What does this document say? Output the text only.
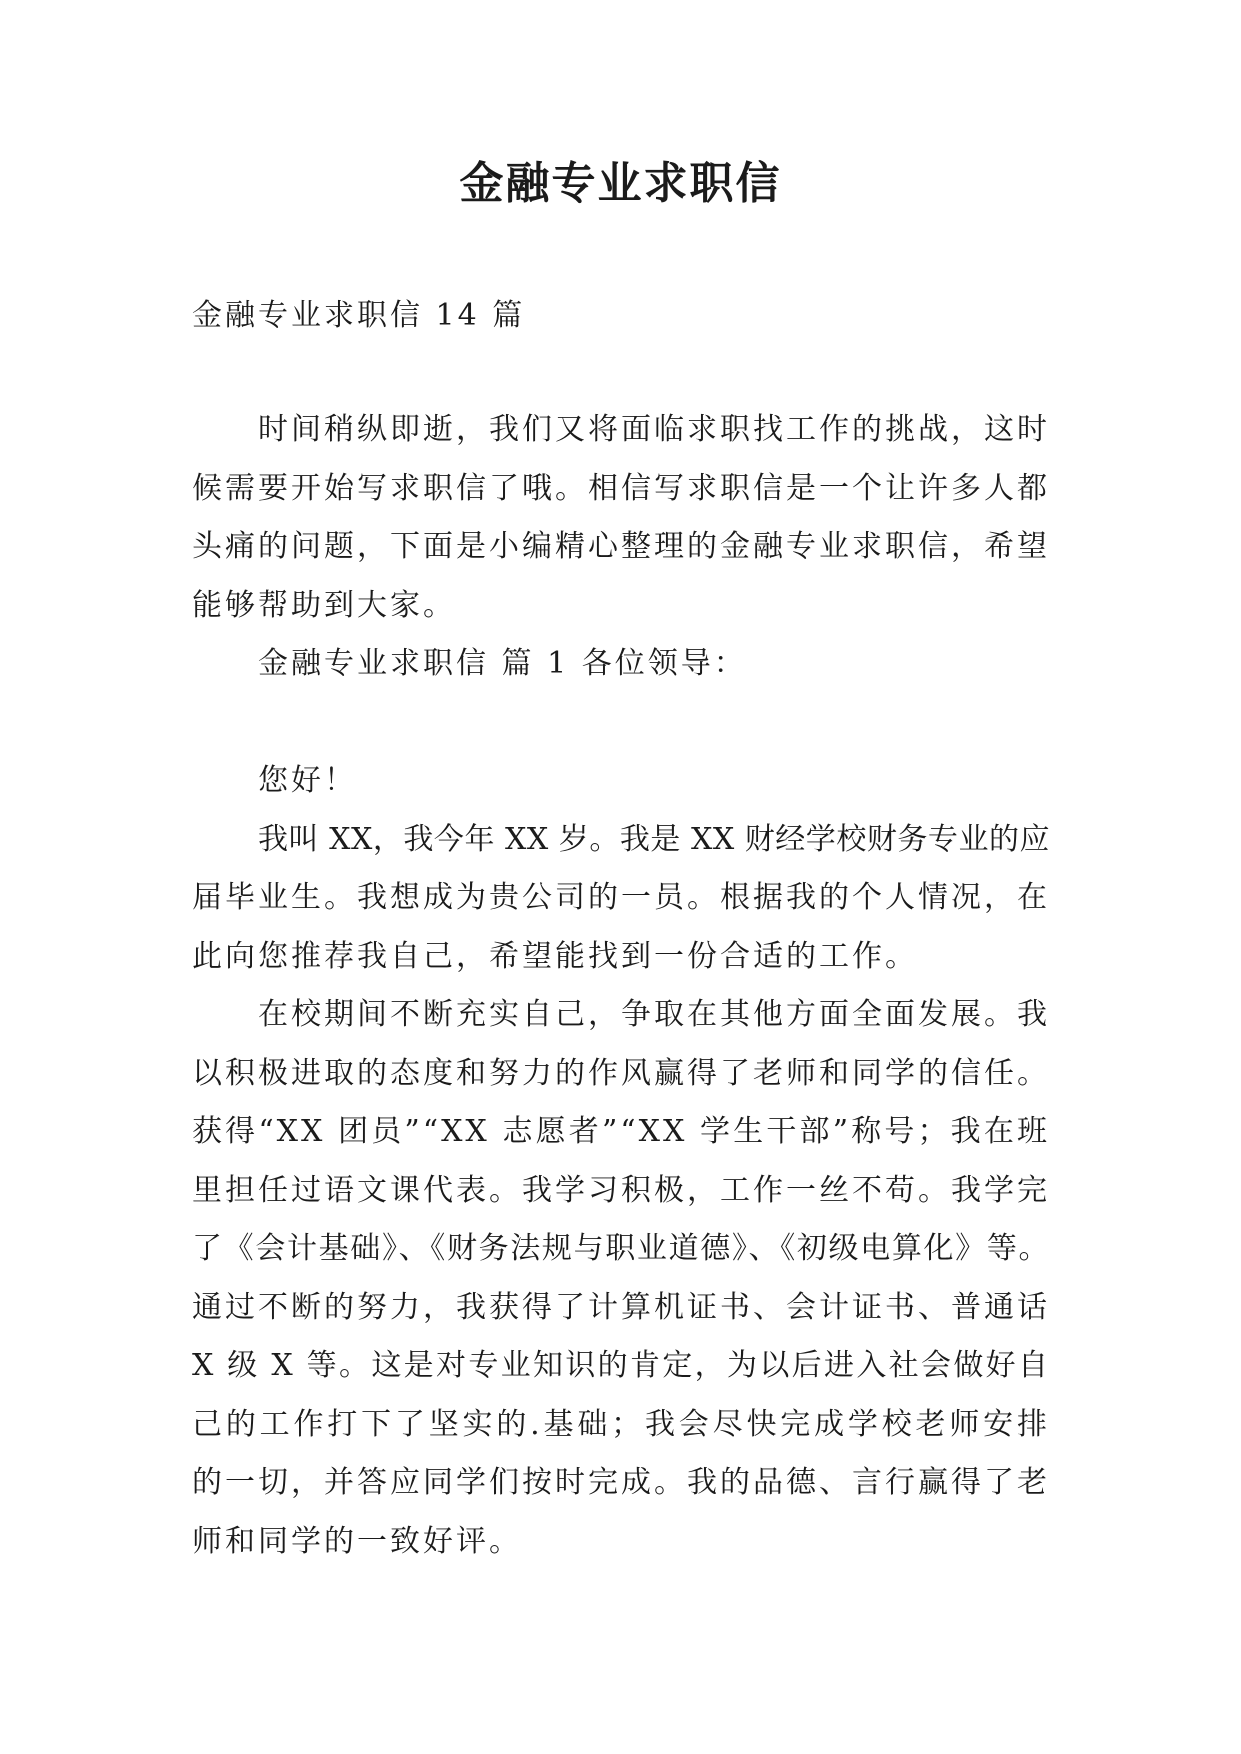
金融专业求职信
金融专业求职信 14 篇
时间稍纵即逝，我们又将面临求职找工作的挑战，这时
候需要开始写求职信了哦。相信写求职信是一个让许多人都
头痛的问题，下面是小编精心整理的金融专业求职信，希望
能够帮助到大家。
金融专业求职信 篇 1 各位领导：
您好！
我叫 XX，我今年 XX 岁。我是 XX 财经学校财务专业的应
届毕业生。我想成为贵公司的一员。根据我的个人情况，在
此向您推荐我自己，希望能找到一份合适的工作。
在校期间不断充实自己，争取在其他方面全面发展。我
以积极进取的态度和努力的作风赢得了老师和同学的信任。
获得“XX 团员”“XX 志愿者”“XX 学生干部”称号；我在班
里担任过语文课代表。我学习积极，工作一丝不苟。我学完
了《会计基础》、《财务法规与职业道德》、《初级电算化》等。
通过不断的努力，我获得了计算机证书、会计证书、普通话
X 级 X 等。这是对专业知识的肯定，为以后进入社会做好自
己的工作打下了坚实的.基础；我会尽快完成学校老师安排
的一切，并答应同学们按时完成。我的品德、言行赢得了老
师和同学的一致好评。
